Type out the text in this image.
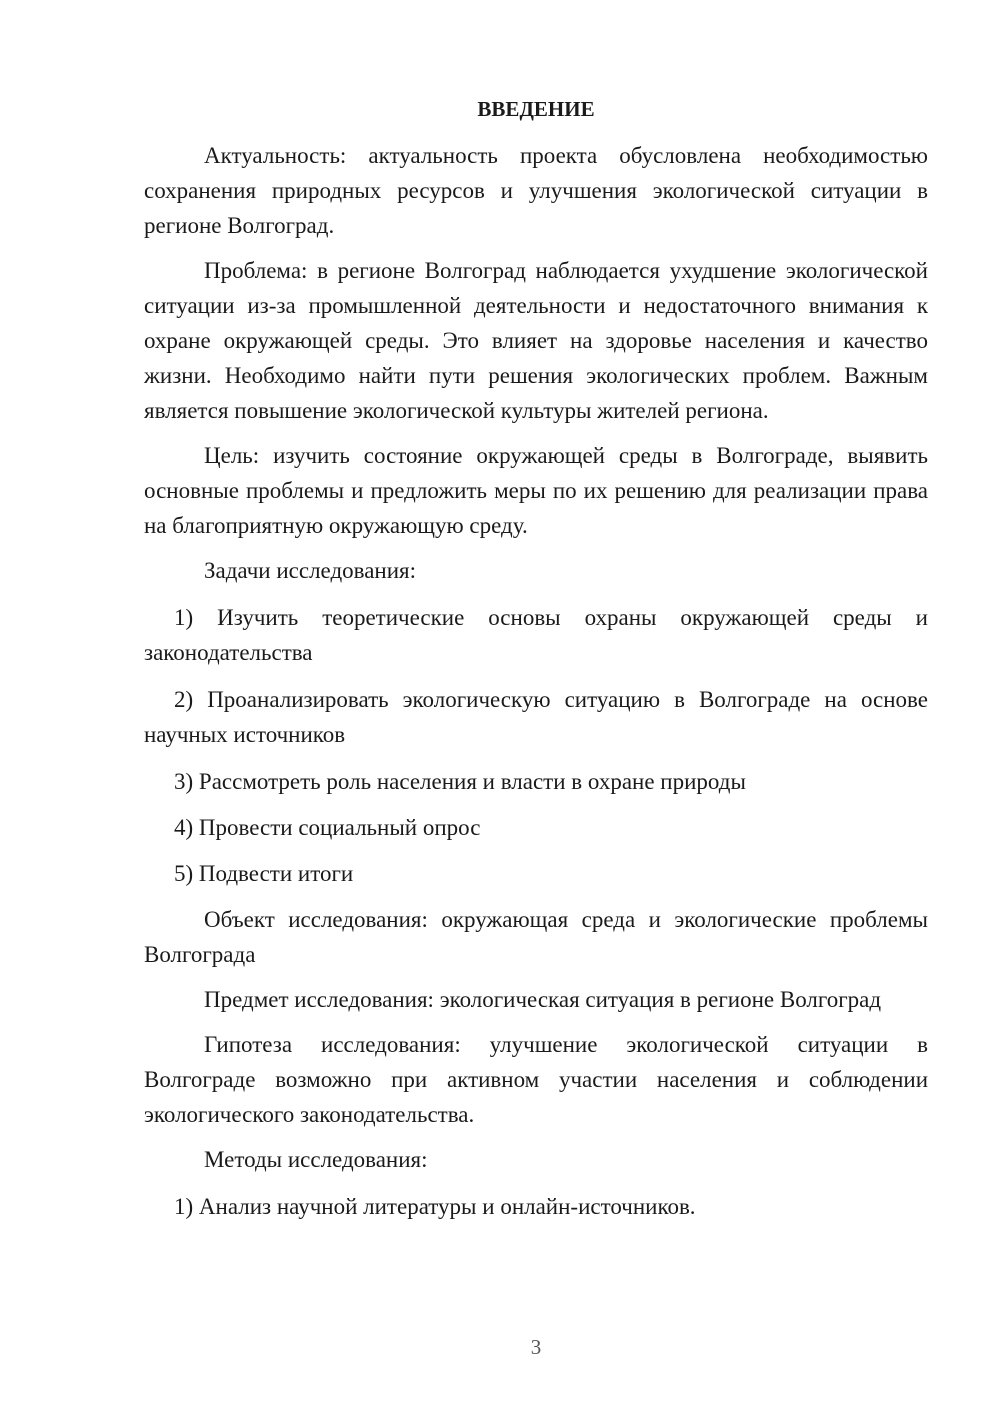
ВВЕДЕНИЕ

Актуальность: актуальность проекта обусловлена необходимостью сохранения природных ресурсов и улучшения экологической ситуации в регионе Волгоград.

Проблема: в регионе Волгоград наблюдается ухудшение экологической ситуации из-за промышленной деятельности и недостаточного внимания к охране окружающей среды. Это влияет на здоровье населения и качество жизни. Необходимо найти пути решения экологических проблем. Важным является повышение экологической культуры жителей региона.

Цель: изучить состояние окружающей среды в Волгограде, выявить основные проблемы и предложить меры по их решению для реализации права на благоприятную окружающую среду.

Задачи исследования:

1) Изучить теоретические основы охраны окружающей среды и законодательства

2) Проанализировать экологическую ситуацию в Волгограде на основе научных источников

3) Рассмотреть роль населения и власти в охране природы

4) Провести социальный опрос

5) Подвести итоги

Объект исследования: окружающая среда и экологические проблемы Волгограда

Предмет исследования: экологическая ситуация в регионе Волгоград

Гипотеза исследования: улучшение экологической ситуации в Волгограде возможно при активном участии населения и соблюдении экологического законодательства.

Методы исследования:

1) Анализ научной литературы и онлайн-источников.

3
